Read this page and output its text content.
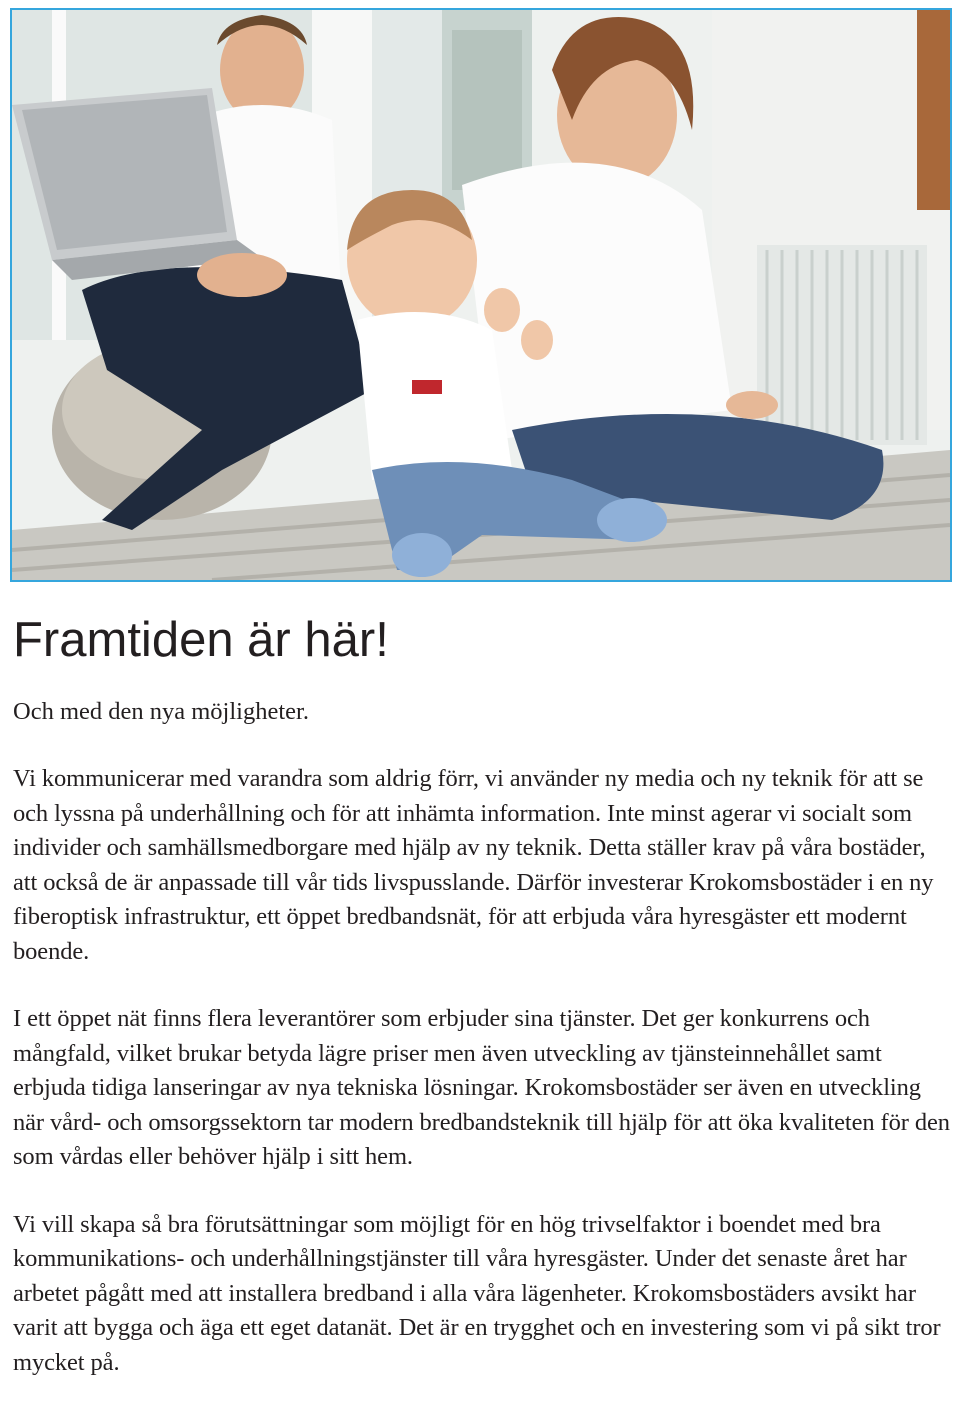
Framtiden är här!

Och med den nya möjligheter.

Vi kommunicerar med varandra som aldrig förr, vi använder ny media och ny teknik för att se och lyssna på underhållning och för att inhämta information. Inte minst agerar vi socialt som individer och samhällsmedborgare med hjälp av ny teknik. Detta ställer krav på våra bostäder, att också de är anpassade till vår tids livspusslande. Därför investerar Krokomsbostäder i en ny fiberoptisk infrastruktur, ett öppet bredbandsnät, för att erbjuda våra hyresgäster ett modernt boende.

I ett öppet nät finns flera leverantörer som erbjuder sina tjänster. Det ger konkurrens och mångfald, vilket brukar betyda lägre priser men även utveckling av tjänsteinnehållet samt erbjuda tidiga lanseringar av nya tekniska lösningar. Krokomsbostäder ser även en utveckling när vård- och omsorgssektorn tar modern bredbandsteknik till hjälp för att öka kvaliteten för den som vårdas eller behöver hjälp i sitt hem.

Vi vill skapa så bra förutsättningar som möjligt för en hög trivselfaktor i boendet med bra kommunikations- och underhållningstjänster till våra hyresgäster. Under det senaste året har arbetet pågått med att installera bredband i alla våra lägenheter. Krokomsbostäders avsikt har varit att bygga och äga ett eget datanät. Det är en trygghet och en investering som vi på sikt tror mycket på.
